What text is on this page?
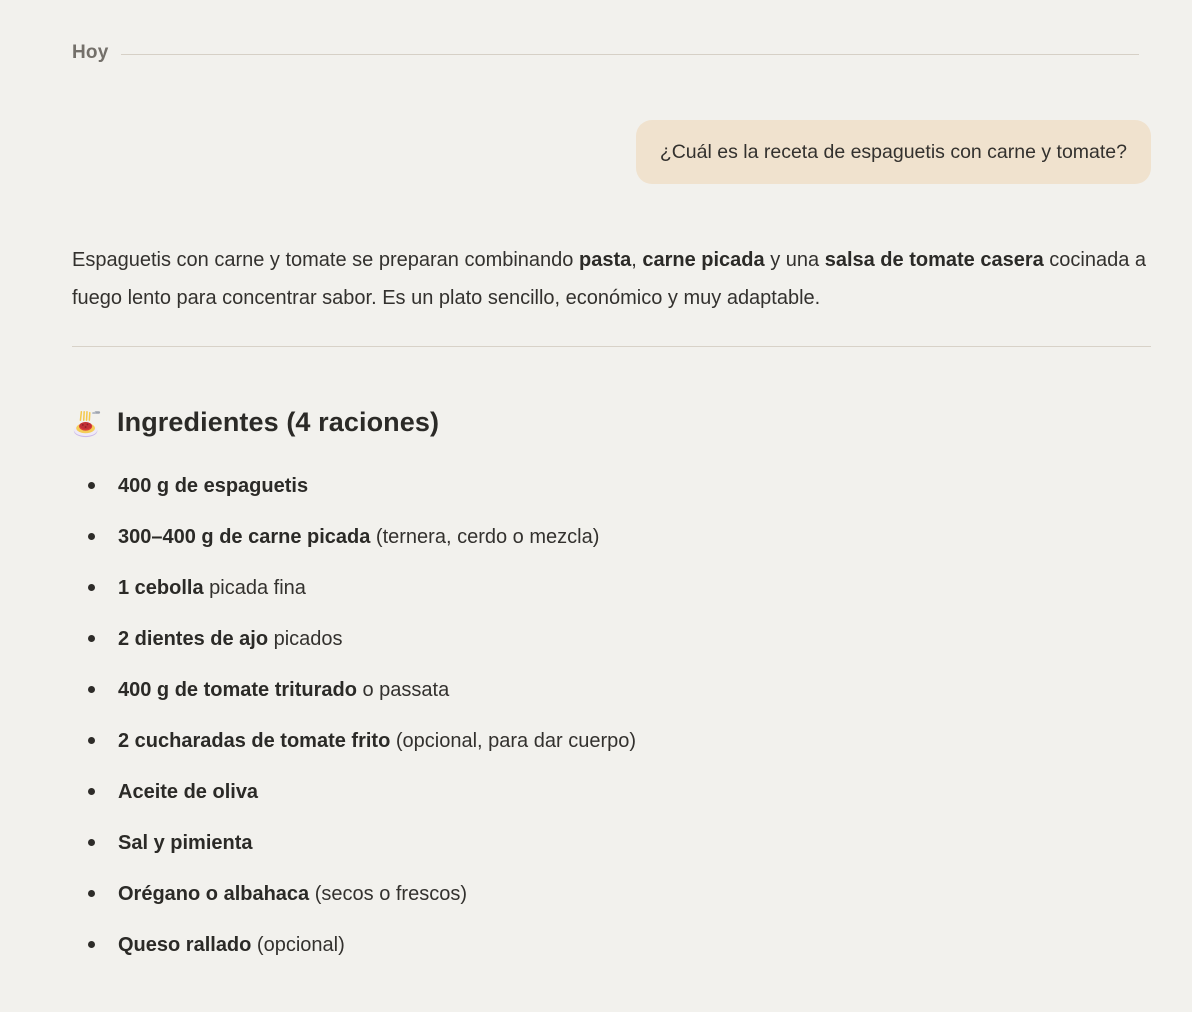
Hoy
¿Cuál es la receta de espaguetis con carne y tomate?

Espaguetis con carne y tomate se preparan combinando pasta, carne picada y una salsa de tomate casera cocinada a fuego lento para concentrar sabor. Es un plato sencillo, económico y muy adaptable.

Ingredientes (4 raciones)
400 g de espaguetis
300–400 g de carne picada (ternera, cerdo o mezcla)
1 cebolla picada fina
2 dientes de ajo picados
400 g de tomate triturado o passata
2 cucharadas de tomate frito (opcional, para dar cuerpo)
Aceite de oliva
Sal y pimienta
Orégano o albahaca (secos o frescos)
Queso rallado (opcional)
